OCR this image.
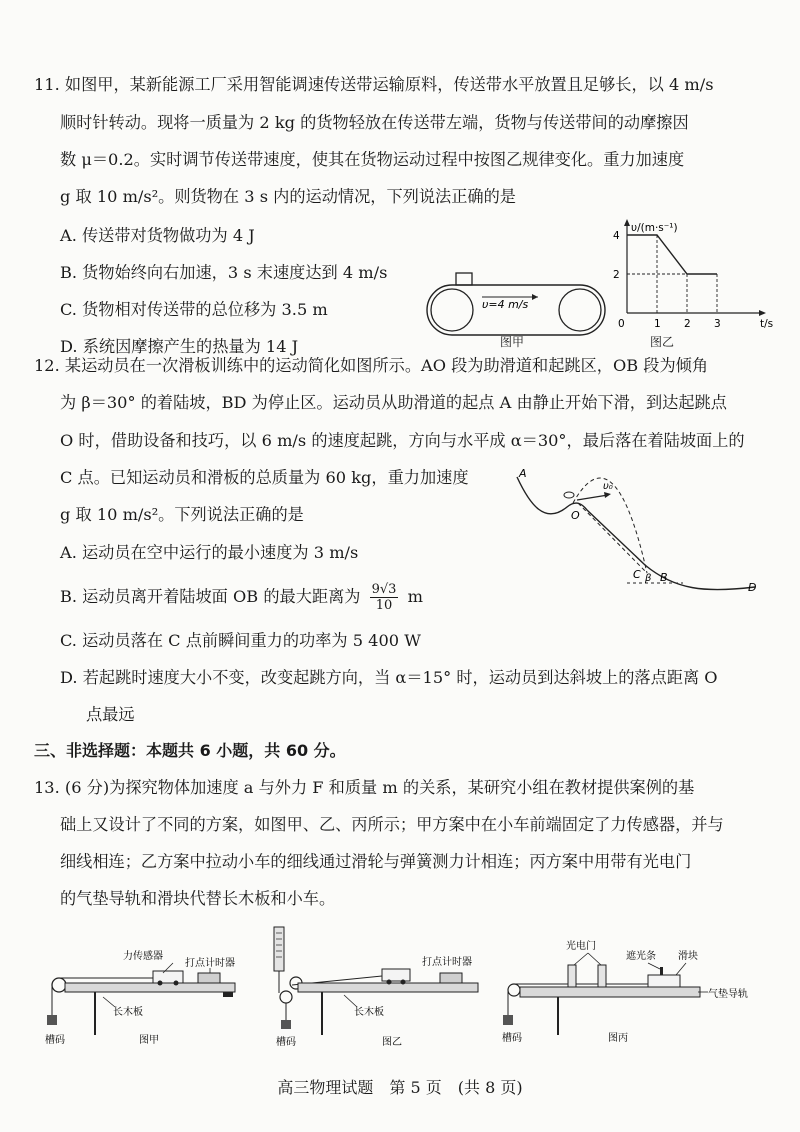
11. 如图甲，某新能源工厂采用智能调速传送带运输原料，传送带水平放置且足够长，以 4 m/s
顺时针转动。现将一质量为 2 kg 的货物轻放在传送带左端，货物与传送带间的动摩擦因
数 μ＝0.2。实时调节传送带速度，使其在货物运动过程中按图乙规律变化。重力加速度
g 取 10 m/s²。则货物在 3 s 内的运动情况，下列说法正确的是
A. 传送带对货物做功为 4 J
B. 货物始终向右加速，3 s 末速度达到 4 m/s
C. 货物相对传送带的总位移为 3.5 m
D. 系统因摩擦产生的热量为 14 J
υ=4 m/s
图甲
υ/(m·s⁻¹)
t/s
0	1 2 3
2
4
图乙
12. 某运动员在一次滑板训练中的运动简化如图所示。AO 段为助滑道和起跳区，OB 段为倾角
为 β＝30° 的着陆坡，BD 为停止区。运动员从助滑道的起点 A 由静止开始下滑，到达起跳点
O 时，借助设备和技巧，以 6 m/s 的速度起跳，方向与水平成 α＝30°，最后落在着陆坡面上的
C 点。已知运动员和滑板的总质量为 60 kg，重力加速度
g 取 10 m/s²。下列说法正确的是
A. 运动员在空中运行的最小速度为 3 m/s
B. 运动员离开着陆坡面 OB 的最大距离为 $\frac{9√3}{10}$ m
C. 运动员落在 C 点前瞬间重力的功率为 5 400 W
D. 若起跳时速度大小不变，改变起跳方向，当 α＝15° 时，运动员到达斜坡上的落点距离 O
点最远
A
O
υ₀
C β B
D
三、非选择题：本题共 6 小题，共 60 分。
13. (6 分)为探究物体加速度 a 与外力 F 和质量 m 的关系，某研究小组在教材提供案例的基
础上又设计了不同的方案，如图甲、乙、丙所示；甲方案中在小车前端固定了力传感器，并与
细线相连；乙方案中拉动小车的细线通过滑轮与弹簧测力计相连；丙方案中用带有光电门
的气垫导轨和滑块代替长木板和小车。
力传感器
打点计时器
长木板
槽码	图甲
打点计时器
长木板
槽码	图乙
光电门
遮光条 滑块
气垫导轨
槽码	图丙
高三物理试题　第 5 页　(共 8 页)
